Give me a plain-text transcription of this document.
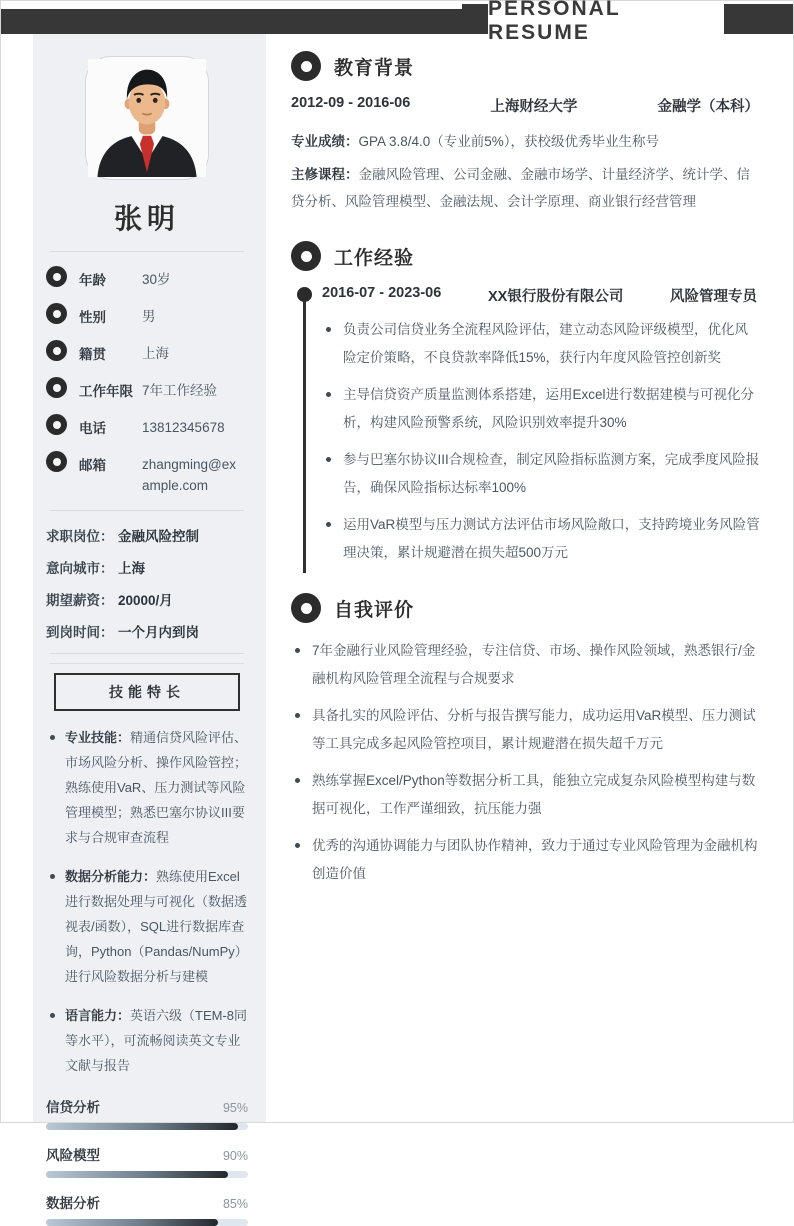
PERSONAL RESUME
张明
年龄	30岁
性别	男
籍贯	上海
工作年限 7年工作经验
电话	13812345678
邮箱	zhangming@example.com
求职岗位： 金融风险控制
意向城市： 上海
期望薪资： 20000/月
到岗时间： 一个月内到岗
技能特长
专业技能：精通信贷风险评估、市场风险分析、操作风险管控；熟练使用VaR、压力测试等风险管理模型；熟悉巴塞尔协议III要求与合规审查流程
数据分析能力：熟练使用Excel进行数据处理与可视化（数据透视表/函数），SQL进行数据库查询，Python（Pandas/NumPy）进行风险数据分析与建模
语言能力：英语六级（TEM-8同等水平），可流畅阅读英文专业文献与报告
信贷分析	95%
风险模型	90%
数据分析	85%
教育背景
2012-09 - 2016-06	上海财经大学	金融学（本科）
专业成绩：GPA 3.8/4.0（专业前5%），获校级优秀毕业生称号
主修课程：金融风险管理、公司金融、金融市场学、计量经济学、统计学、信贷分析、风险管理模型、金融法规、会计学原理、商业银行经营管理
工作经验
2016-07 - 2023-06	XX银行股份有限公司	风险管理专员
负责公司信贷业务全流程风险评估，建立动态风险评级模型，优化风险定价策略，不良贷款率降低15%，获行内年度风险管控创新奖
主导信贷资产质量监测体系搭建，运用Excel进行数据建模与可视化分析，构建风险预警系统，风险识别效率提升30%
参与巴塞尔协议III合规检查，制定风险指标监测方案，完成季度风险报告，确保风险指标达标率100%
运用VaR模型与压力测试方法评估市场风险敞口，支持跨境业务风险管理决策，累计规避潜在损失超500万元
自我评价
7年金融行业风险管理经验，专注信贷、市场、操作风险领域，熟悉银行/金融机构风险管理全流程与合规要求
具备扎实的风险评估、分析与报告撰写能力，成功运用VaR模型、压力测试等工具完成多起风险管控项目，累计规避潜在损失超千万元
熟练掌握Excel/Python等数据分析工具，能独立完成复杂风险模型构建与数据可视化，工作严谨细致，抗压能力强
优秀的沟通协调能力与团队协作精神，致力于通过专业风险管理为金融机构创造价值
